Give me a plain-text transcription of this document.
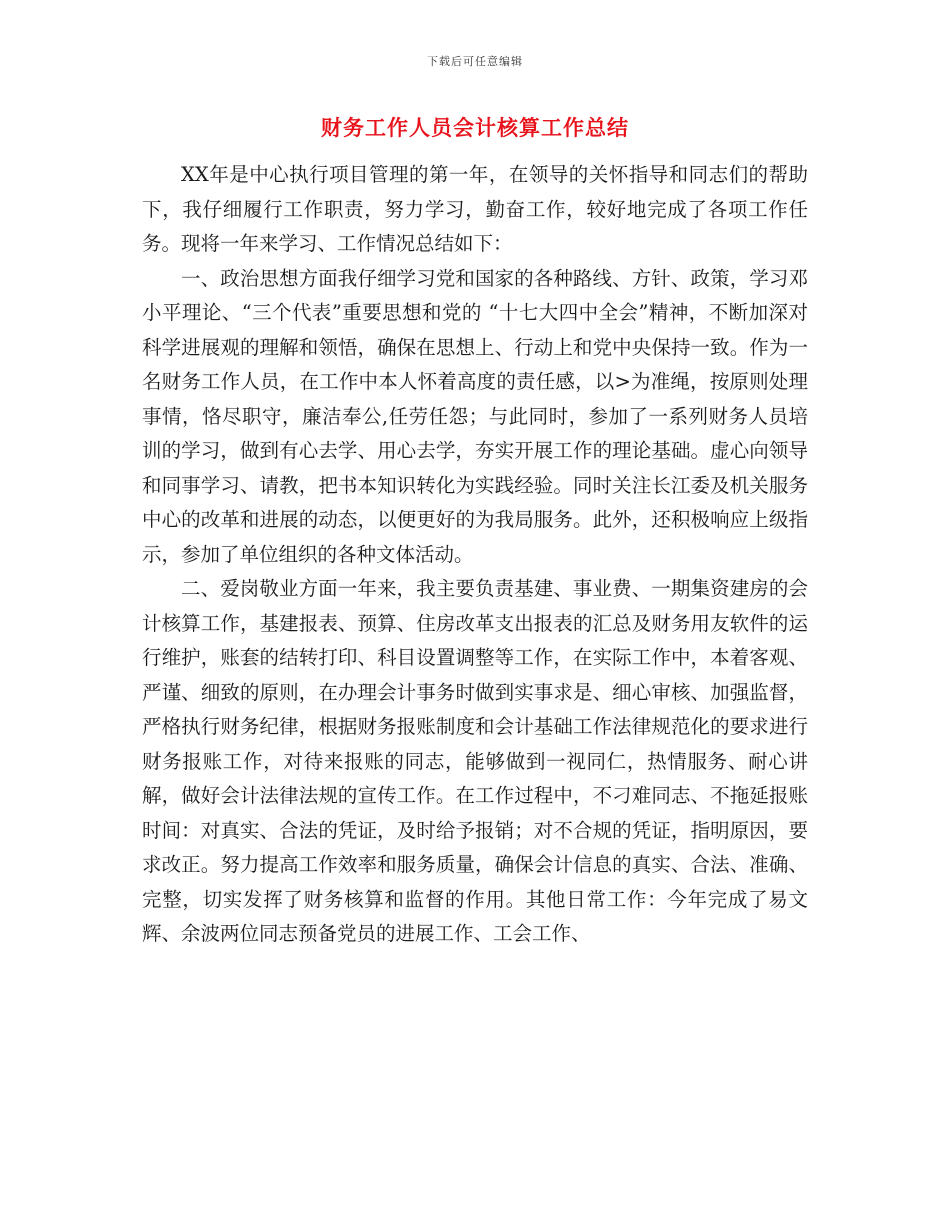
下载后可任意编辑
财务工作人员会计核算工作总结

XX年是中心执行项目管理的第一年，在领导的关怀指导和同志们的帮助下，我仔细履行工作职责，努力学习，勤奋工作，较好地完成了各项工作任务。现将一年来学习、工作情况总结如下：

一、政治思想方面我仔细学习党和国家的各种路线、方针、政策，学习邓小平理论、“三个代表”重要思想和党的 “十七大四中全会”精神，不断加深对科学进展观的理解和领悟，确保在思想上、行动上和党中央保持一致。作为一名财务工作人员，在工作中本人怀着高度的责任感，以>为准绳，按原则处理事情，恪尽职守，廉洁奉公,任劳任怨；与此同时，参加了一系列财务人员培训的学习，做到有心去学、用心去学，夯实开展工作的理论基础。虚心向领导和同事学习、请教，把书本知识转化为实践经验。同时关注长江委及机关服务中心的改革和进展的动态，以便更好的为我局服务。此外，还积极响应上级指示，参加了单位组织的各种文体活动。

二、爱岗敬业方面一年来，我主要负责基建、事业费、一期集资建房的会计核算工作，基建报表、预算、住房改革支出报表的汇总及财务用友软件的运行维护，账套的结转打印、科目设置调整等工作，在实际工作中，本着客观、严谨、细致的原则，在办理会计事务时做到实事求是、细心审核、加强监督，严格执行财务纪律，根据财务报账制度和会计基础工作法律规范化的要求进行财务报账工作，对待来报账的同志，能够做到一视同仁，热情服务、耐心讲解，做好会计法律法规的宣传工作。在工作过程中，不刁难同志、不拖延报账时间：对真实、合法的凭证，及时给予报销；对不合规的凭证，指明原因，要求改正。努力提高工作效率和服务质量，确保会计信息的真实、合法、准确、完整，切实发挥了财务核算和监督的作用。其他日常工作：今年完成了易文辉、余波两位同志预备党员的进展工作、工会工作、
